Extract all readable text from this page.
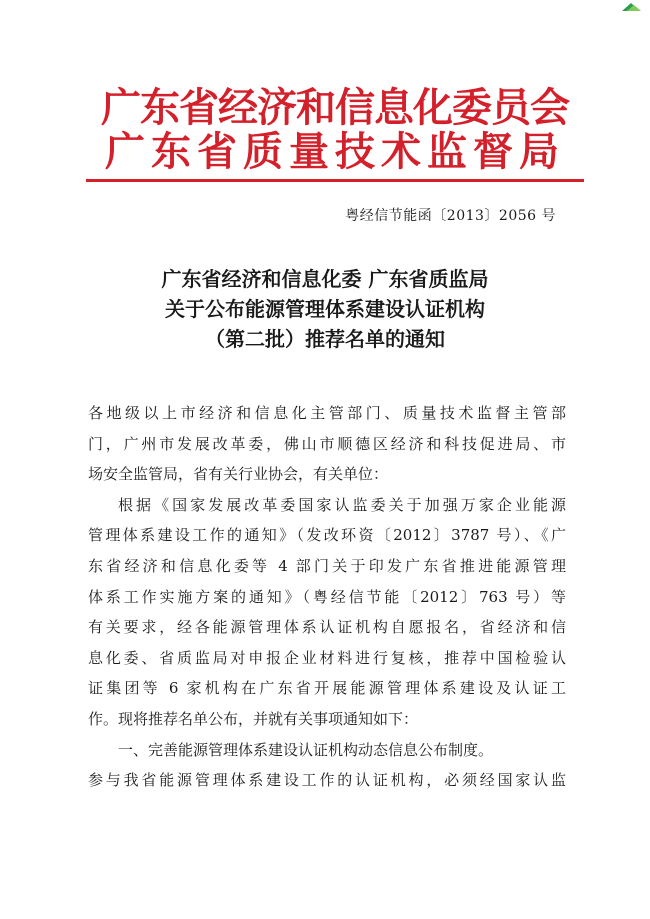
广东省经济和信息化委员会
广东省质量技术监督局
粤经信节能函〔2013〕2056 号
广东省经济和信息化委 广东省质监局
关于公布能源管理体系建设认证机构
（第二批）推荐名单的通知
各地级以上市经济和信息化主管部门、质量技术监督主管部
门，广州市发展改革委，佛山市顺德区经济和科技促进局、市
场安全监管局，省有关行业协会，有关单位：
根据《国家发展改革委国家认监委关于加强万家企业能源
管理体系建设工作的通知》（发改环资〔2012〕3787 号）、《广
东省经济和信息化委等 4 部门关于印发广东省推进能源管理
体系工作实施方案的通知》（粤经信节能〔2012〕763 号）等
有关要求，经各能源管理体系认证机构自愿报名，省经济和信
息化委、省质监局对申报企业材料进行复核，推荐中国检验认
证集团等 6 家机构在广东省开展能源管理体系建设及认证工
作。现将推荐名单公布，并就有关事项通知如下：
一、完善能源管理体系建设认证机构动态信息公布制度。
参与我省能源管理体系建设工作的认证机构，必须经国家认监
